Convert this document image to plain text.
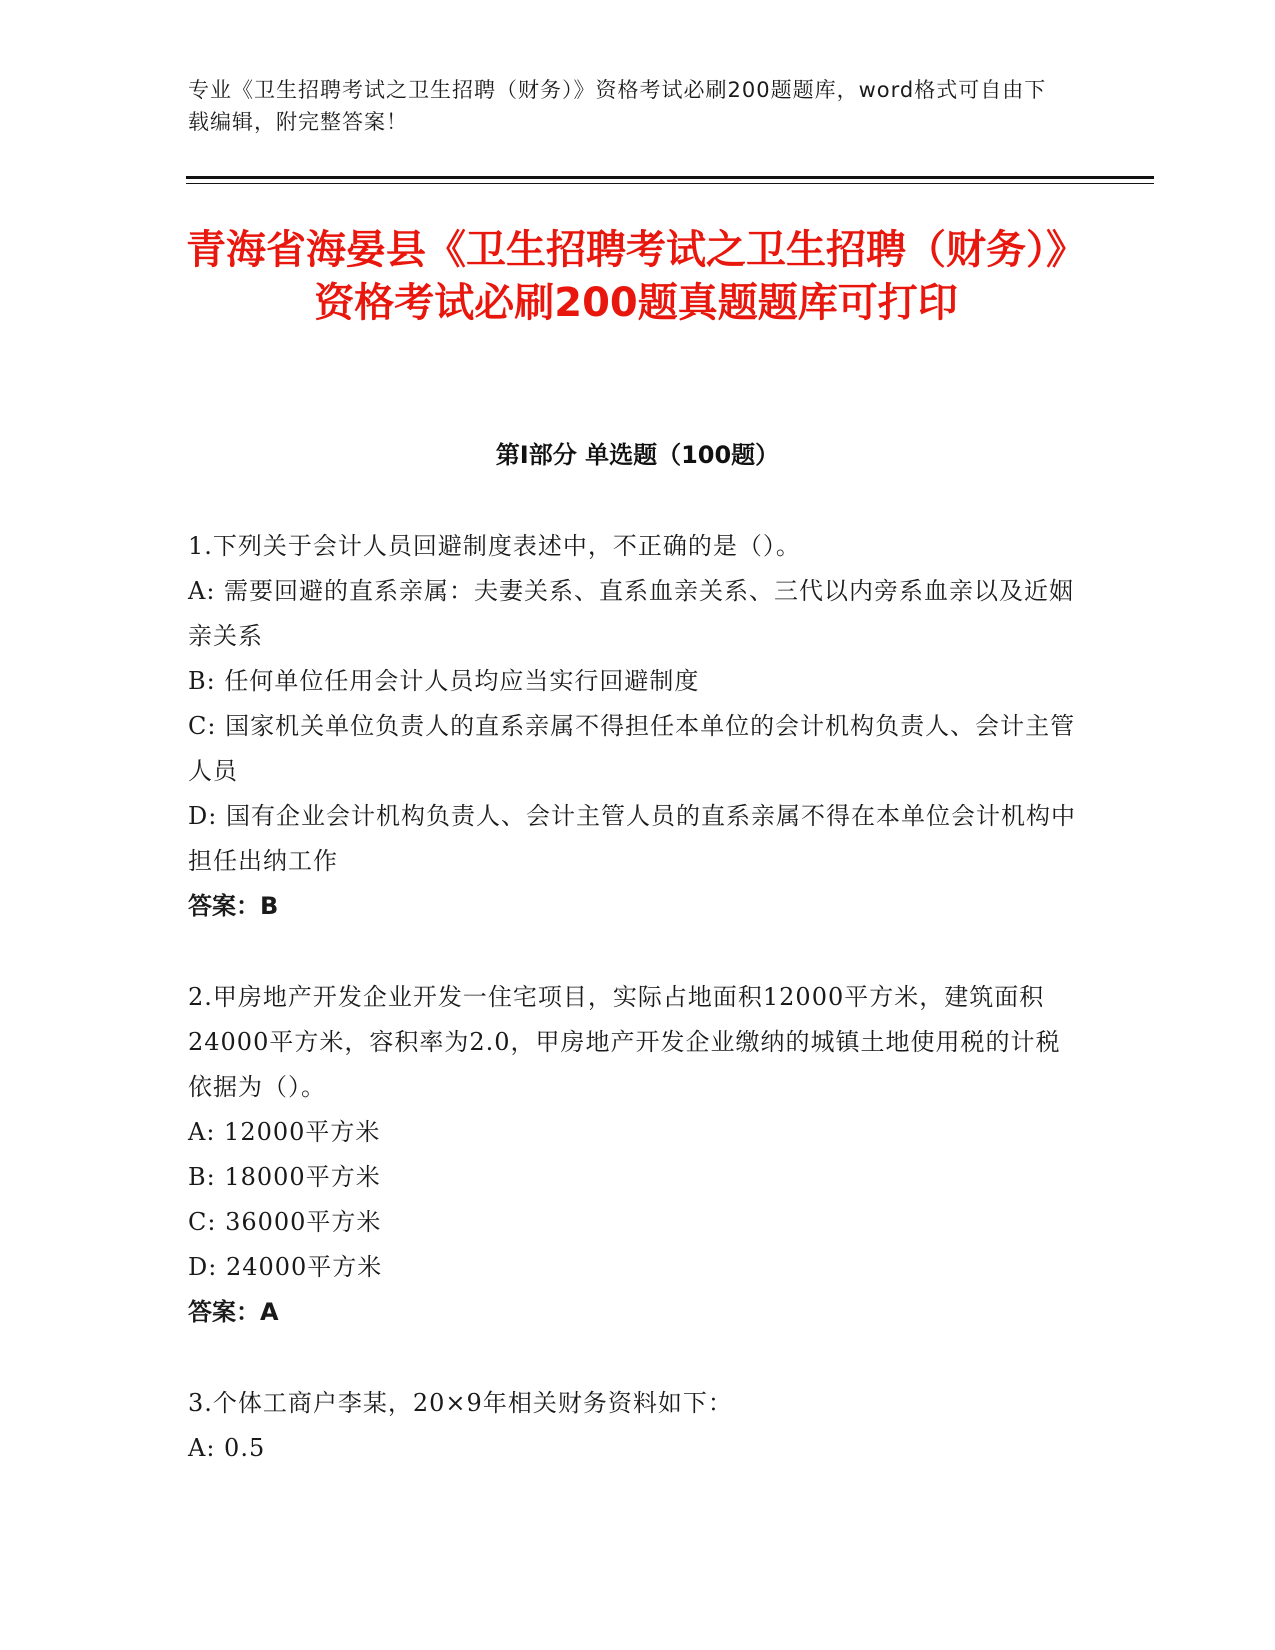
专业《卫生招聘考试之卫生招聘（财务）》资格考试必刷200题题库，word格式可自由下载编辑，附完整答案！
青海省海晏县《卫生招聘考试之卫生招聘（财务）》资格考试必刷200题真题题库可打印
第Ⅰ部分 单选题（100题）

1.下列关于会计人员回避制度表述中，不正确的是（）。

A: 需要回避的直系亲属：夫妻关系、直系血亲关系、三代以内旁系血亲以及近姻亲关系

B: 任何单位任用会计人员均应当实行回避制度

C: 国家机关单位负责人的直系亲属不得担任本单位的会计机构负责人、会计主管人员

D: 国有企业会计机构负责人、会计主管人员的直系亲属不得在本单位会计机构中担任出纳工作

答案：B

2.甲房地产开发企业开发一住宅项目，实际占地面积12000平方米，建筑面积24000平方米，容积率为2.0，甲房地产开发企业缴纳的城镇土地使用税的计税依据为（）。

A: 12000平方米

B: 18000平方米

C: 36000平方米

D: 24000平方米

答案：A

3.个体工商户李某，20×9年相关财务资料如下：

A: 0.5
